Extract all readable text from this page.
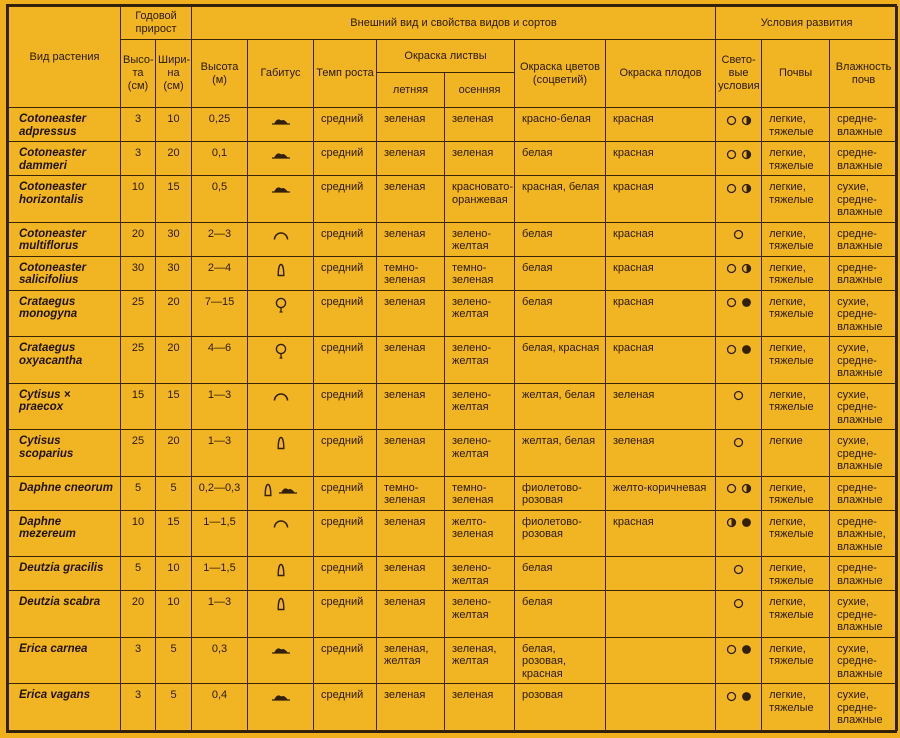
Вид растения	Годовой прирост		Внешний вид и свойства видов и сортов							Условия развития		
	Высо-та (см)	Шири-на (см)	Высота (м)	Габитус	Темп роста	Окраска листвы		Окраска цветов (соцветий)	Окраска плодов	Свето-вые условия	Почвы	Влажность почв
						летняя	осенняя					
Cotoneaster adpressus	3	10	0,25		средний	зеленая	зеленая	красно-белая	красная		легкие, тяжелые	средне-влажные
Cotoneaster dammeri	3	20	0,1		средний	зеленая	зеленая	белая	красная		легкие, тяжелые	средне-влажные
Cotoneaster horizontalis	10	15	0,5		средний	зеленая	красновато-оранжевая	красная, белая	красная		легкие, тяжелые	сухие, средне-влажные
Cotoneaster multiflorus	20	30	2—3		средний	зеленая	зелено-желтая	белая	красная		легкие, тяжелые	средне-влажные
Cotoneaster salicifolius	30	30	2—4		средний	темно-зеленая	темно-зеленая	белая	красная		легкие, тяжелые	средне-влажные
Crataegus monogyna	25	20	7—15		средний	зеленая	зелено-желтая	белая	красная		легкие, тяжелые	сухие, средне-влажные
Crataegus oxyacantha	25	20	4—6		средний	зеленая	зелено-желтая	белая, красная	красная		легкие, тяжелые	сухие, средне-влажные
Cytisus × praecox	15	15	1—3		средний	зеленая	зелено-желтая	желтая, белая	зеленая		легкие, тяжелые	сухие, средне-влажные
Cytisus scoparius	25	20	1—3		средний	зеленая	зелено-желтая	желтая, белая	зеленая		легкие	сухие, средне-влажные
Daphne cneorum	5	5	0,2—0,3		средний	темно-зеленая	темно-зеленая	фиолетово-розовая	желто-коричневая		легкие, тяжелые	средне-влажные
Daphne mezereum	10	15	1—1,5		средний	зеленая	желто-зеленая	фиолетово-розовая	красная		легкие, тяжелые	средне-влажные, влажные
Deutzia gracilis	5	10	1—1,5		средний	зеленая	зелено-желтая	белая			легкие, тяжелые	средне-влажные
Deutzia scabra	20	10	1—3		средний	зеленая	зелено-желтая	белая			легкие, тяжелые	сухие, средне-влажные
Erica carnea	3	5	0,3		средний	зеленая, желтая	зеленая, желтая	белая, розовая, красная			легкие, тяжелые	сухие, средне-влажные
Erica vagans	3	5	0,4		средний	зеленая	зеленая	розовая			легкие, тяжелые	сухие, средне-влажные
